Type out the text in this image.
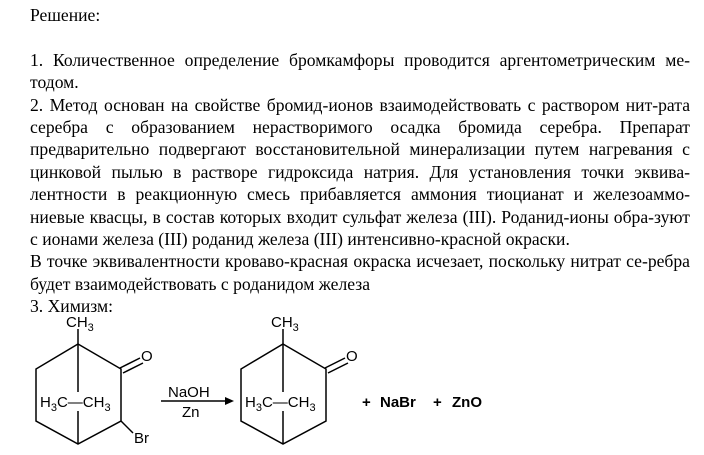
Решение:

1. Количественное определение бромкамфоры проводится аргентометрическим ме-тодом.

2. Метод основан на свойстве бромид-ионов взаимодействовать с раствором нит-рата серебра с образованием нерастворимого осадка бромида серебра. Препарат предварительно подвергают восстановительной минерализации путем нагревания с цинковой пылью в растворе гидроксида натрия. Для установления точки эквива-лентности в реакционную смесь прибавляется аммония тиоцианат и железоаммо-ниевые квасцы, в состав которых входит сульфат железа (III). Роданид-ионы обра-зуют с ионами железа (III) роданид железа (III) интенсивно-красной окраски.

В точке эквивалентности кроваво-красная окраска исчезает, поскольку нитрат се-ребра будет взаимодействовать с роданидом железа

3. Химизм:

$CH_3$
O
Br
$H_3C—CH_3$
NaOH
Zn
$CH_3$
O
$H_3C—CH_3$	+ NaBr + ZnO
